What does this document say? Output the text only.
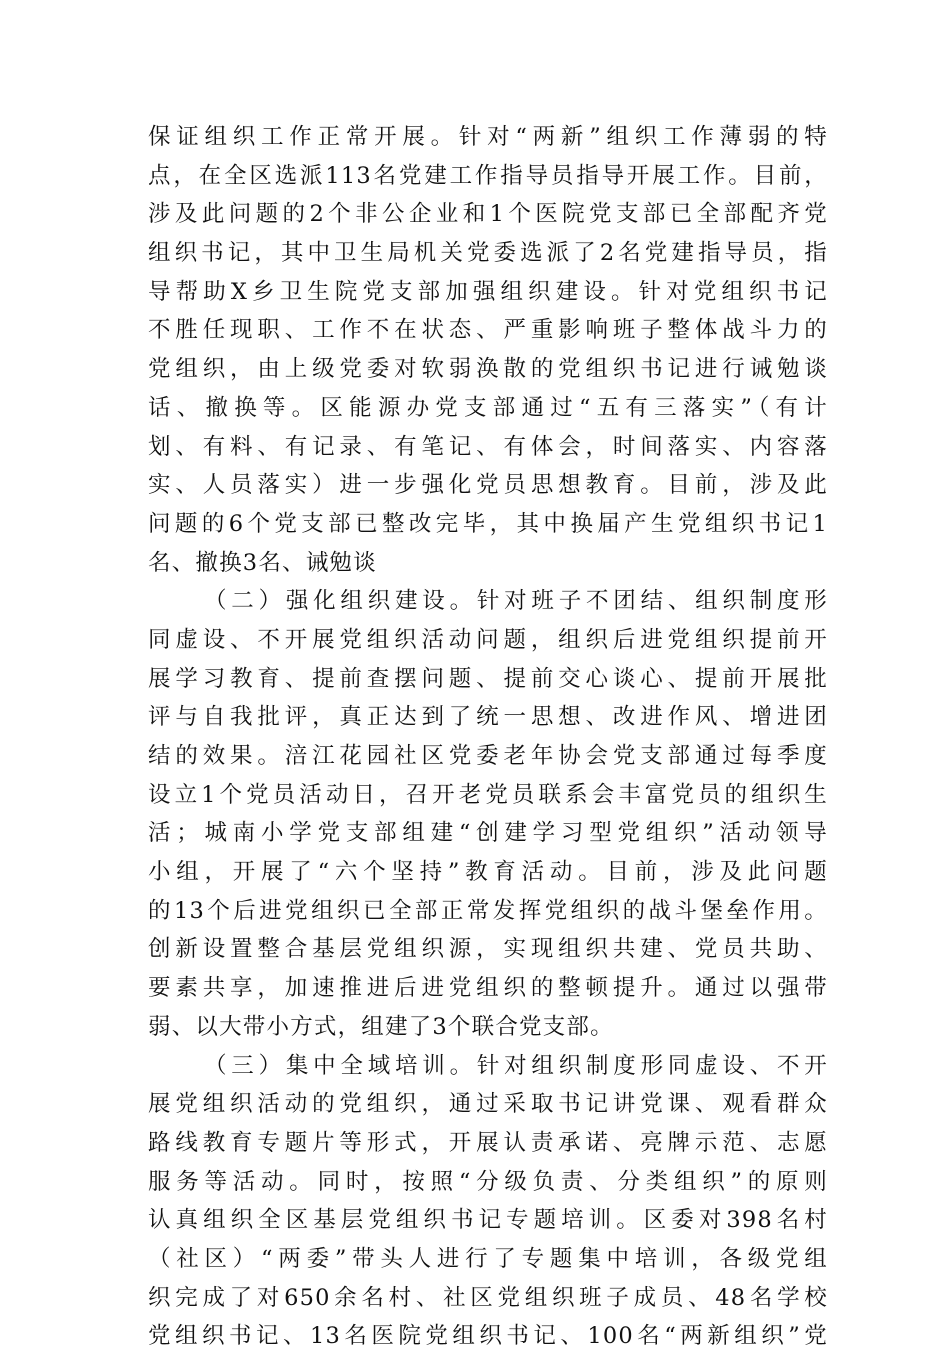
保证组织工作正常开展。针对“两新”组织工作薄弱的特
点，在全区选派113名党建工作指导员指导开展工作。目前，
涉及此问题的2个非公企业和1个医院党支部已全部配齐党
组织书记，其中卫生局机关党委选派了2名党建指导员，指
导帮助X乡卫生院党支部加强组织建设。针对党组织书记
不胜任现职、工作不在状态、严重影响班子整体战斗力的
党组织，由上级党委对软弱涣散的党组织书记进行诫勉谈
话、撤换等。区能源办党支部通过“五有三落实”（有计
划、有料、有记录、有笔记、有体会，时间落实、内容落
实、人员落实）进一步强化党员思想教育。目前，涉及此
问题的6个党支部已整改完毕，其中换届产生党组织书记1
名、撤换3名、诫勉谈
（二）强化组织建设。针对班子不团结、组织制度形
同虚设、不开展党组织活动问题，组织后进党组织提前开
展学习教育、提前查摆问题、提前交心谈心、提前开展批
评与自我批评，真正达到了统一思想、改进作风、增进团
结的效果。涪江花园社区党委老年协会党支部通过每季度
设立1个党员活动日，召开老党员联系会丰富党员的组织生
活；城南小学党支部组建“创建学习型党组织”活动领导
小组，开展了“六个坚持”教育活动。目前，涉及此问题
的13个后进党组织已全部正常发挥党组织的战斗堡垒作用。
创新设置整合基层党组织源，实现组织共建、党员共助、
要素共享，加速推进后进党组织的整顿提升。通过以强带
弱、以大带小方式，组建了3个联合党支部。
（三）集中全域培训。针对组织制度形同虚设、不开
展党组织活动的党组织，通过采取书记讲党课、观看群众
路线教育专题片等形式，开展认责承诺、亮牌示范、志愿
服务等活动。同时，按照“分级负责、分类组织”的原则
认真组织全区基层党组织书记专题培训。区委对398名村
（社区）“两委”带头人进行了专题集中培训，各级党组
织完成了对650余名村、社区党组织班子成员、48名学校
党组织书记、13名医院党组织书记、100名“两新组织”党
